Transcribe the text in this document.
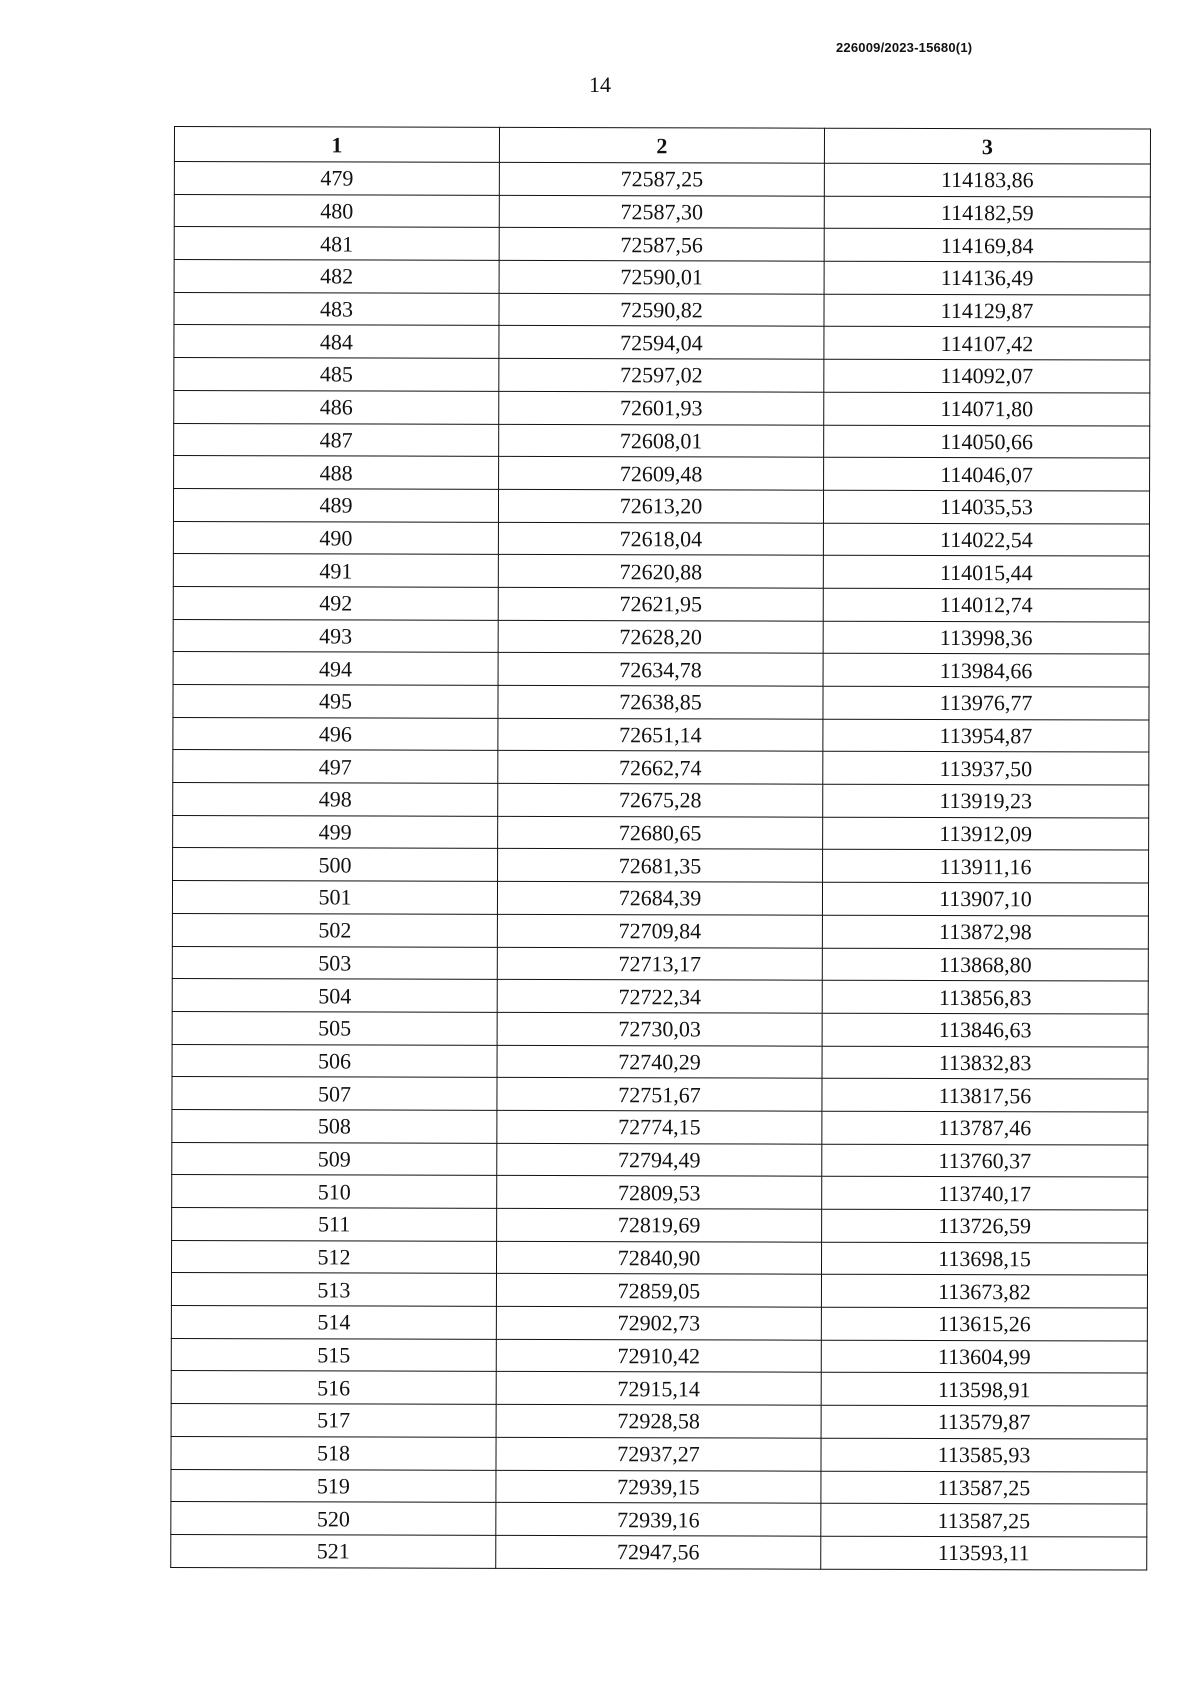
226009/2023-15680(1)
14
1	2	3
479	72587,25	114183,86
480	72587,30	114182,59
481	72587,56	114169,84
482	72590,01	114136,49
483	72590,82	114129,87
484	72594,04	114107,42
485	72597,02	114092,07
486	72601,93	114071,80
487	72608,01	114050,66
488	72609,48	114046,07
489	72613,20	114035,53
490	72618,04	114022,54
491	72620,88	114015,44
492	72621,95	114012,74
493	72628,20	113998,36
494	72634,78	113984,66
495	72638,85	113976,77
496	72651,14	113954,87
497	72662,74	113937,50
498	72675,28	113919,23
499	72680,65	113912,09
500	72681,35	113911,16
501	72684,39	113907,10
502	72709,84	113872,98
503	72713,17	113868,80
504	72722,34	113856,83
505	72730,03	113846,63
506	72740,29	113832,83
507	72751,67	113817,56
508	72774,15	113787,46
509	72794,49	113760,37
510	72809,53	113740,17
511	72819,69	113726,59
512	72840,90	113698,15
513	72859,05	113673,82
514	72902,73	113615,26
515	72910,42	113604,99
516	72915,14	113598,91
517	72928,58	113579,87
518	72937,27	113585,93
519	72939,15	113587,25
520	72939,16	113587,25
521	72947,56	113593,11
